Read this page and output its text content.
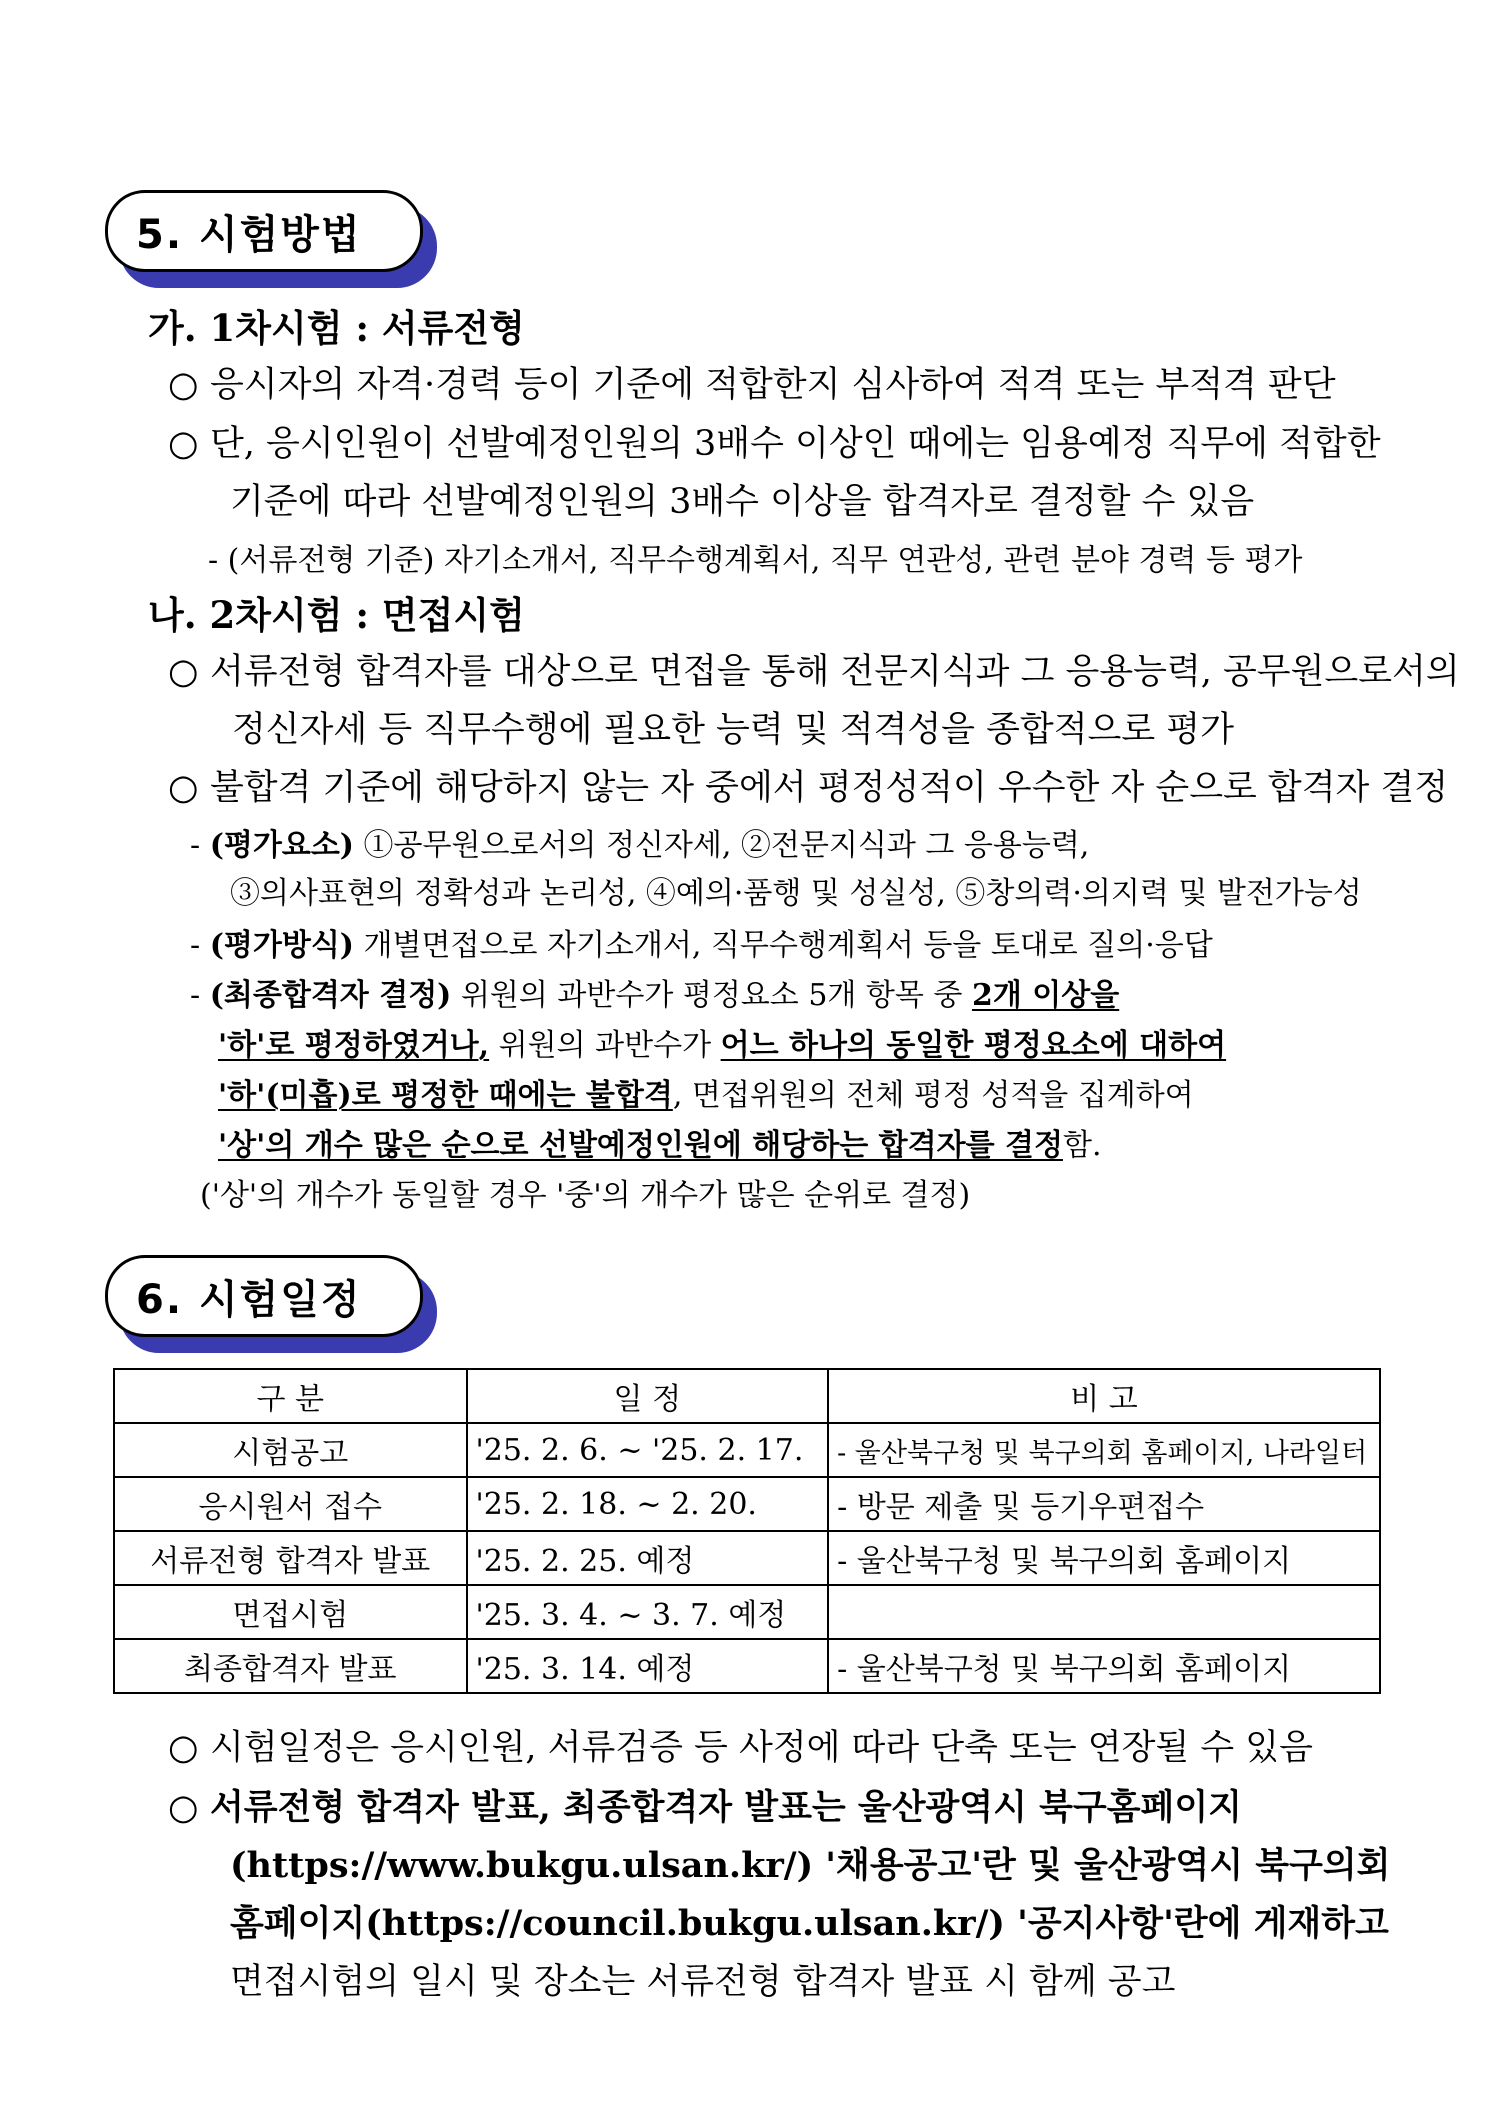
5. 시험방법
가. 1차시험 : 서류전형
○ 응시자의 자격·경력 등이 기준에 적합한지 심사하여 적격 또는 부적격 판단
○ 단, 응시인원이 선발예정인원의 3배수 이상인 때에는 임용예정 직무에 적합한
기준에 따라 선발예정인원의 3배수 이상을 합격자로 결정할 수 있음
- (서류전형 기준) 자기소개서, 직무수행계획서, 직무 연관성, 관련 분야 경력 등 평가
나. 2차시험 : 면접시험
○ 서류전형 합격자를 대상으로 면접을 통해 전문지식과 그 응용능력, 공무원으로서의
정신자세 등 직무수행에 필요한 능력 및 적격성을 종합적으로 평가
○ 불합격 기준에 해당하지 않는 자 중에서 평정성적이 우수한 자 순으로 합격자 결정
- (평가요소) ①공무원으로서의 정신자세, ②전문지식과 그 응용능력,
③의사표현의 정확성과 논리성, ④예의·품행 및 성실성, ⑤창의력·의지력 및 발전가능성
- (평가방식) 개별면접으로 자기소개서, 직무수행계획서 등을 토대로 질의·응답
- (최종합격자 결정) 위원의 과반수가 평정요소 5개 항목 중 2개 이상을
'하'로 평정하였거나, 위원의 과반수가 어느 하나의 동일한 평정요소에 대하여
'하'(미흡)로 평정한 때에는 불합격, 면접위원의 전체 평정 성적을 집계하여
'상'의 개수 많은 순으로 선발예정인원에 해당하는 합격자를 결정함.
('상'의 개수가 동일할 경우 '중'의 개수가 많은 순위로 결정)
6. 시험일정
구 분	일 정	비 고
시험공고	'25. 2. 6. ~ '25. 2. 17.	- 울산북구청 및 북구의회 홈페이지, 나라일터
응시원서 접수	'25. 2. 18. ~ 2. 20.	- 방문 제출 및 등기우편접수
서류전형 합격자 발표	'25. 2. 25. 예정	- 울산북구청 및 북구의회 홈페이지
면접시험	'25. 3. 4. ~ 3. 7. 예정	
최종합격자 발표	'25. 3. 14. 예정	- 울산북구청 및 북구의회 홈페이지
○ 시험일정은 응시인원, 서류검증 등 사정에 따라 단축 또는 연장될 수 있음
○ 서류전형 합격자 발표, 최종합격자 발표는 울산광역시 북구홈페이지
(https://www.bukgu.ulsan.kr/) '채용공고'란 및 울산광역시 북구의회
홈페이지(https://council.bukgu.ulsan.kr/) '공지사항'란에 게재하고
면접시험의 일시 및 장소는 서류전형 합격자 발표 시 함께 공고
